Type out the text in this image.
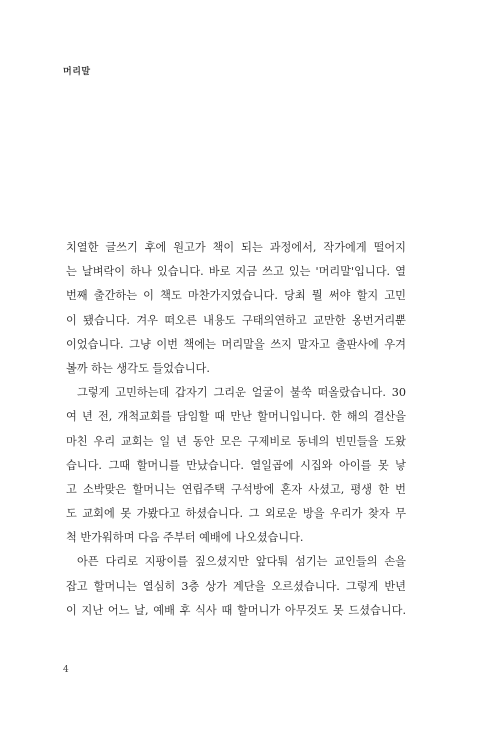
머리말
치열한 글쓰기 후에 원고가 책이 되는 과정에서, 작가에게 떨어지
는 날벼락이 하나 있습니다. 바로 지금 쓰고 있는 '머리말'입니다. 열
번째 출간하는 이 책도 마찬가지였습니다. 당최 뭘 써야 할지 고민
이 됐습니다. 겨우 떠오른 내용도 구태의연하고 교만한 옹번거리뿐
이었습니다. 그냥 이번 책에는 머리말을 쓰지 말자고 출판사에 우겨
볼까 하는 생각도 들었습니다.
그렇게 고민하는데 갑자기 그리운 얼굴이 불쑥 떠올랐습니다. 30
여 년 전, 개척교회를 담임할 때 만난 할머니입니다. 한 해의 결산을
마친 우리 교회는 일 년 동안 모은 구제비로 동네의 빈민들을 도왔
습니다. 그때 할머니를 만났습니다. 열일곱에 시집와 아이를 못 낳
고 소박맞은 할머니는 연립주택 구석방에 혼자 사셨고, 평생 한 번
도 교회에 못 가봤다고 하셨습니다. 그 외로운 방을 우리가 찾자 무
척 반가워하며 다음 주부터 예배에 나오셨습니다.
아픈 다리로 지팡이를 짚으셨지만 앞다퉈 섬기는 교인들의 손을
잡고 할머니는 열심히 3층 상가 계단을 오르셨습니다. 그렇게 반년
이 지난 어느 날, 예배 후 식사 때 할머니가 아무것도 못 드셨습니다.
4
